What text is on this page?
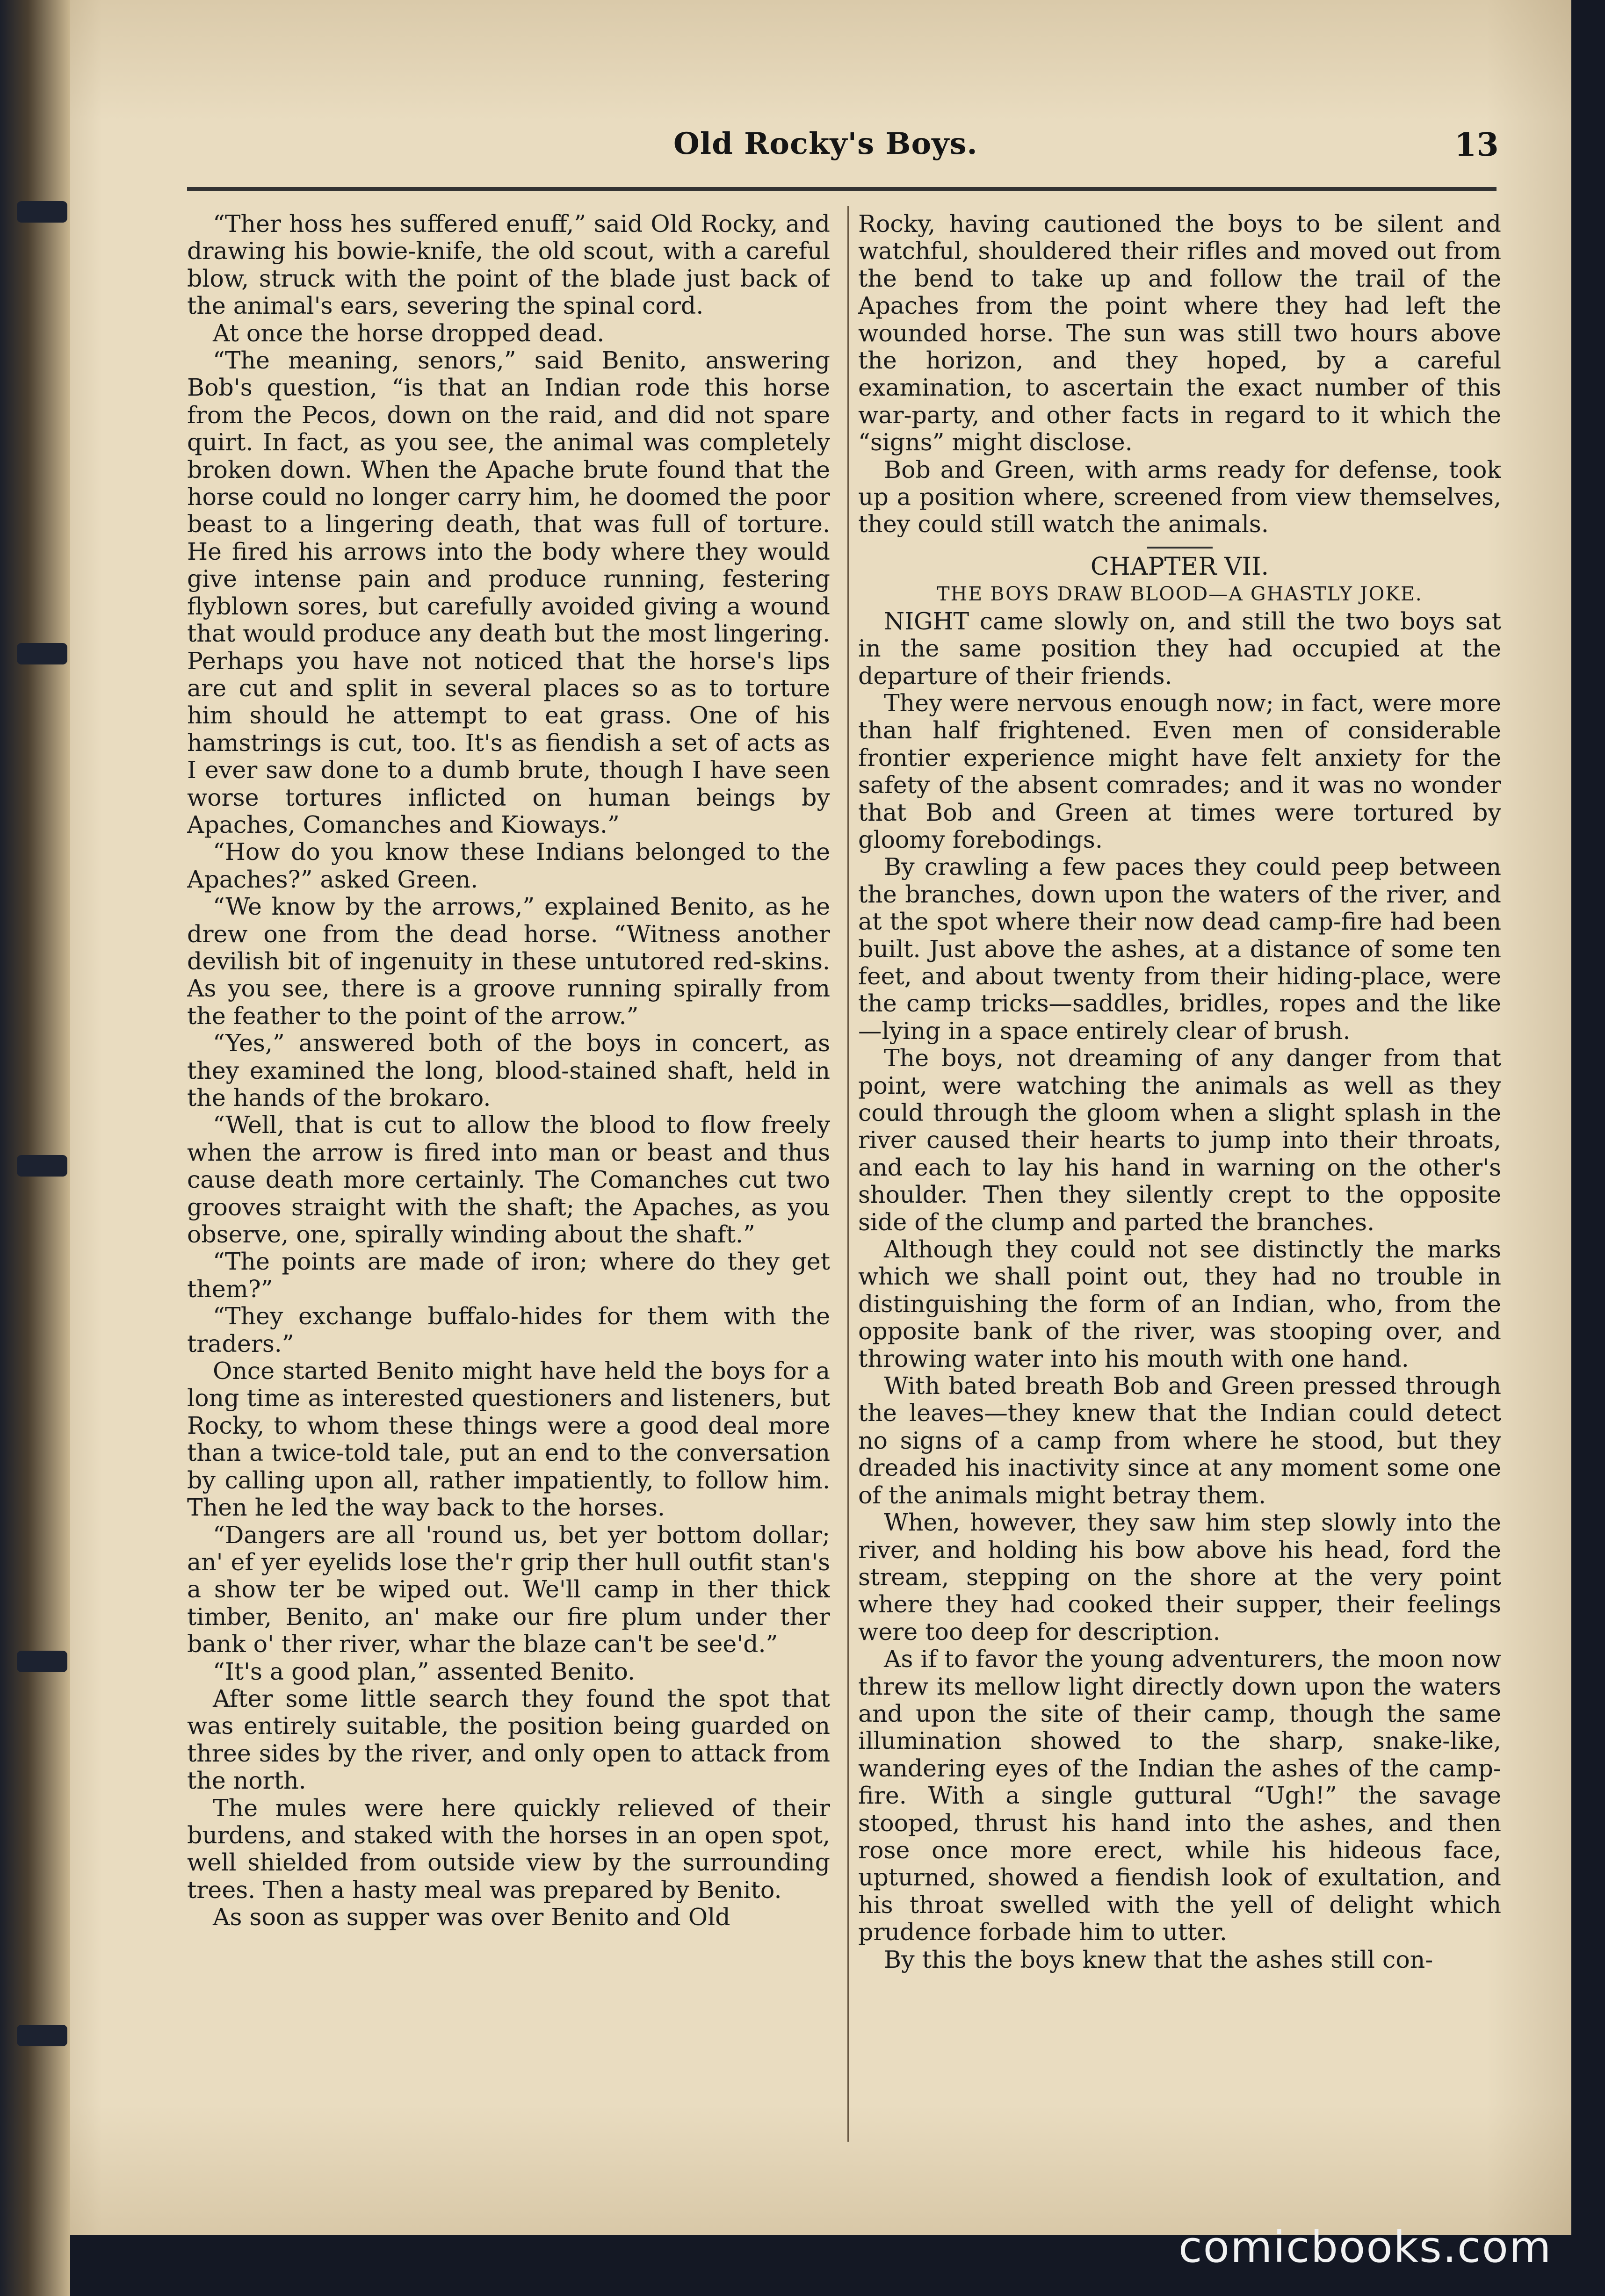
Old Rocky's Boys.	13

“Ther hoss hes suffered enuff,” said Old Rocky, and drawing his bowie-knife, the old scout, with a careful blow, struck with the point of the blade just back of the animal's ears, severing the spinal cord.

At once the horse dropped dead.

“The meaning, senors,” said Benito, answering Bob's question, “is that an Indian rode this horse from the Pecos, down on the raid, and did not spare quirt. In fact, as you see, the animal was completely broken down. When the Apache brute found that the horse could no longer carry him, he doomed the poor beast to a lingering death, that was full of torture. He fired his arrows into the body where they would give intense pain and produce running, festering flyblown sores, but carefully avoided giving a wound that would produce any death but the most lingering. Perhaps you have not noticed that the horse's lips are cut and split in several places so as to torture him should he attempt to eat grass. One of his hamstrings is cut, too. It's as fiendish a set of acts as I ever saw done to a dumb brute, though I have seen worse tortures inflicted on human beings by Apaches, Comanches and Kioways.”

“How do you know these Indians belonged to the Apaches?” asked Green.

“We know by the arrows,” explained Benito, as he drew one from the dead horse. “Witness another devilish bit of ingenuity in these untutored red-skins. As you see, there is a groove running spirally from the feather to the point of the arrow.”

“Yes,” answered both of the boys in concert, as they examined the long, blood-stained shaft, held in the hands of the brokaro.

“Well, that is cut to allow the blood to flow freely when the arrow is fired into man or beast and thus cause death more certainly. The Comanches cut two grooves straight with the shaft; the Apaches, as you observe, one, spirally winding about the shaft.”

“The points are made of iron; where do they get them?”

“They exchange buffalo-hides for them with the traders.”

Once started Benito might have held the boys for a long time as interested questioners and listeners, but Rocky, to whom these things were a good deal more than a twice-told tale, put an end to the conversation by calling upon all, rather impatiently, to follow him. Then he led the way back to the horses.

“Dangers are all 'round us, bet yer bottom dollar; an' ef yer eyelids lose the'r grip ther hull outfit stan's a show ter be wiped out. We'll camp in ther thick timber, Benito, an' make our fire plum under ther bank o' ther river, whar the blaze can't be see'd.”

“It's a good plan,” assented Benito.

After some little search they found the spot that was entirely suitable, the position being guarded on three sides by the river, and only open to attack from the north.

The mules were here quickly relieved of their burdens, and staked with the horses in an open spot, well shielded from outside view by the surrounding trees. Then a hasty meal was prepared by Benito.

As soon as supper was over Benito and Old

Rocky, having cautioned the boys to be silent and watchful, shouldered their rifles and moved out from the bend to take up and follow the trail of the Apaches from the point where they had left the wounded horse. The sun was still two hours above the horizon, and they hoped, by a careful examination, to ascertain the exact number of this war-party, and other facts in regard to it which the “signs” might disclose.

Bob and Green, with arms ready for defense, took up a position where, screened from view themselves, they could still watch the animals.

CHAPTER VII.

THE BOYS DRAW BLOOD—A GHASTLY JOKE.

NIGHT came slowly on, and still the two boys sat in the same position they had occupied at the departure of their friends.

They were nervous enough now; in fact, were more than half frightened. Even men of considerable frontier experience might have felt anxiety for the safety of the absent comrades; and it was no wonder that Bob and Green at times were tortured by gloomy forebodings.

By crawling a few paces they could peep between the branches, down upon the waters of the river, and at the spot where their now dead camp-fire had been built. Just above the ashes, at a distance of some ten feet, and about twenty from their hiding-place, were the camp tricks—saddles, bridles, ropes and the like—lying in a space entirely clear of brush.

The boys, not dreaming of any danger from that point, were watching the animals as well as they could through the gloom when a slight splash in the river caused their hearts to jump into their throats, and each to lay his hand in warning on the other's shoulder. Then they silently crept to the opposite side of the clump and parted the branches.

Although they could not see distinctly the marks which we shall point out, they had no trouble in distinguishing the form of an Indian, who, from the opposite bank of the river, was stooping over, and throwing water into his mouth with one hand.

With bated breath Bob and Green pressed through the leaves—they knew that the Indian could detect no signs of a camp from where he stood, but they dreaded his inactivity since at any moment some one of the animals might betray them.

When, however, they saw him step slowly into the river, and holding his bow above his head, ford the stream, stepping on the shore at the very point where they had cooked their supper, their feelings were too deep for description.

As if to favor the young adventurers, the moon now threw its mellow light directly down upon the waters and upon the site of their camp, though the same illumination showed to the sharp, snake-like, wandering eyes of the Indian the ashes of the camp-fire. With a single guttural “Ugh!” the savage stooped, thrust his hand into the ashes, and then rose once more erect, while his hideous face, upturned, showed a fiendish look of exultation, and his throat swelled with the yell of delight which prudence forbade him to utter.

By this the boys knew that the ashes still con-

comicbooks.com
